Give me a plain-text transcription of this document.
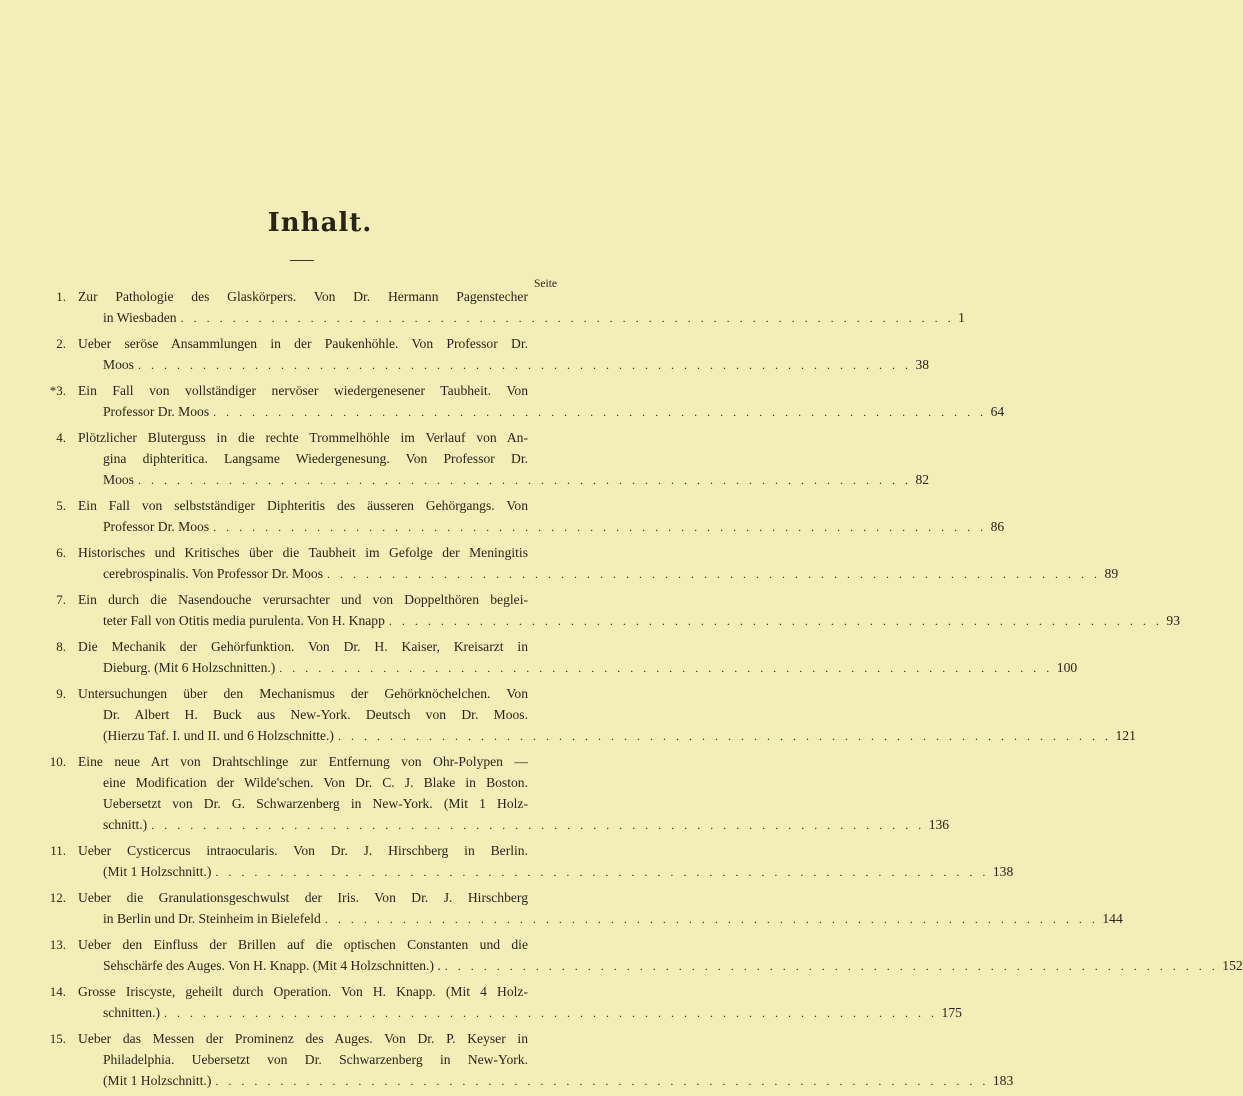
Inhalt.
Seite
1. Zur Pathologie des Glaskörpers. Von Dr. Hermann Pagenstecher
in Wiesbaden . . . . . . . . . . . . . . . . . . . . . . . . . . . . . . . . . . . . . . . . . . . . . . . . . . . . . . . . . . . . 1
2. Ueber seröse Ansammlungen in der Paukenhöhle. Von Professor Dr.
Moos . . . . . . . . . . . . . . . . . . . . . . . . . . . . . . . . . . . . . . . . . . . . . . . . . . . . . . . . . . . . 38
*3. Ein Fall von vollständiger nervöser wiedergenesener Taubheit. Von
Professor Dr. Moos . . . . . . . . . . . . . . . . . . . . . . . . . . . . . . . . . . . . . . . . . . . . . . . . . . . . . . . . . . . . 64
4. Plötzlicher Bluterguss in die rechte Trommelhöhle im Verlauf von An-
gina diphteritica. Langsame Wiedergenesung. Von Professor Dr.
Moos . . . . . . . . . . . . . . . . . . . . . . . . . . . . . . . . . . . . . . . . . . . . . . . . . . . . . . . . . . . . 82
5. Ein Fall von selbstständiger Diphteritis des äusseren Gehörgangs. Von
Professor Dr. Moos . . . . . . . . . . . . . . . . . . . . . . . . . . . . . . . . . . . . . . . . . . . . . . . . . . . . . . . . . . . . 86
6. Historisches und Kritisches über die Taubheit im Gefolge der Meningitis
cerebrospinalis. Von Professor Dr. Moos . . . . . . . . . . . . . . . . . . . . . . . . . . . . . . . . . . . . . . . . . . . . . . . . . . . . . . . . . . . . 89
7. Ein durch die Nasendouche verursachter und von Doppelthören beglei-
teter Fall von Otitis media purulenta. Von H. Knapp . . . . . . . . . . . . . . . . . . . . . . . . . . . . . . . . . . . . . . . . . . . . . . . . . . . . . . . . . . . . 93
8. Die Mechanik der Gehörfunktion. Von Dr. H. Kaiser, Kreisarzt in
Dieburg. (Mit 6 Holzschnitten.) . . . . . . . . . . . . . . . . . . . . . . . . . . . . . . . . . . . . . . . . . . . . . . . . . . . . . . . . . . . . 100
9. Untersuchungen über den Mechanismus der Gehörknöchelchen. Von
Dr. Albert H. Buck aus New-York. Deutsch von Dr. Moos.
(Hierzu Taf. I. und II. und 6 Holzschnitte.) . . . . . . . . . . . . . . . . . . . . . . . . . . . . . . . . . . . . . . . . . . . . . . . . . . . . . . . . . . . . 121
10. Eine neue Art von Drahtschlinge zur Entfernung von Ohr-Polypen —
eine Modification der Wilde'schen. Von Dr. C. J. Blake in Boston.
Uebersetzt von Dr. G. Schwarzenberg in New-York. (Mit 1 Holz-
schnitt.) . . . . . . . . . . . . . . . . . . . . . . . . . . . . . . . . . . . . . . . . . . . . . . . . . . . . . . . . . . . . 136
11. Ueber Cysticercus intraocularis. Von Dr. J. Hirschberg in Berlin.
(Mit 1 Holzschnitt.) . . . . . . . . . . . . . . . . . . . . . . . . . . . . . . . . . . . . . . . . . . . . . . . . . . . . . . . . . . . . 138
12. Ueber die Granulationsgeschwulst der Iris. Von Dr. J. Hirschberg
in Berlin und Dr. Steinheim in Bielefeld . . . . . . . . . . . . . . . . . . . . . . . . . . . . . . . . . . . . . . . . . . . . . . . . . . . . . . . . . . . . 144
13. Ueber den Einfluss der Brillen auf die optischen Constanten und die
Sehschärfe des Auges. Von H. Knapp. (Mit 4 Holzschnitten.) . . . . . . . . . . . . . . . . . . . . . . . . . . . . . . . . . . . . . . . . . . . . . . . . . . . . . . . . . . . . . 152
14. Grosse Iriscyste, geheilt durch Operation. Von H. Knapp. (Mit 4 Holz-
schnitten.) . . . . . . . . . . . . . . . . . . . . . . . . . . . . . . . . . . . . . . . . . . . . . . . . . . . . . . . . . . . . 175
15. Ueber das Messen der Prominenz des Auges. Von Dr. P. Keyser in
Philadelphia. Uebersetzt von Dr. Schwarzenberg in New-York.
(Mit 1 Holzschnitt.) . . . . . . . . . . . . . . . . . . . . . . . . . . . . . . . . . . . . . . . . . . . . . . . . . . . . . . . . . . . . 183
